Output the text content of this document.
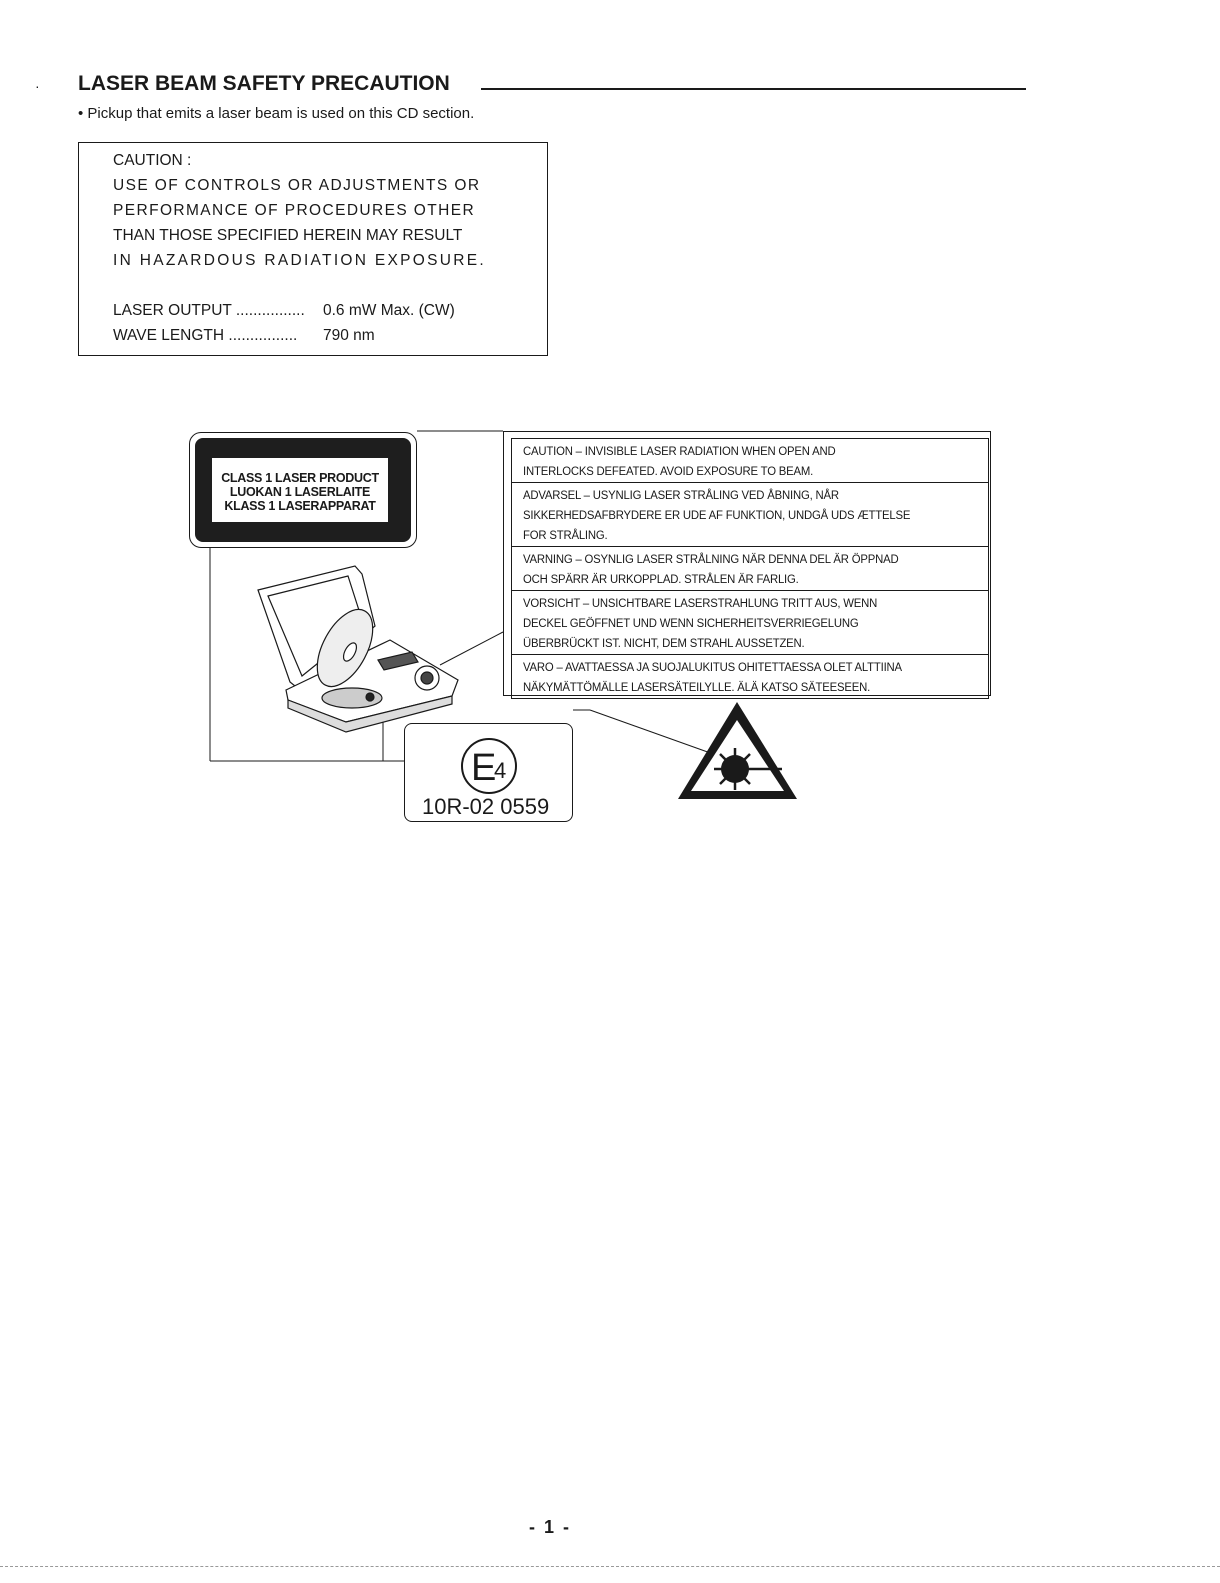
· LASER BEAM SAFETY PRECAUTION
• Pickup that emits a laser beam is used on this CD section.
CAUTION :
USE OF CONTROLS OR ADJUSTMENTS OR
PERFORMANCE OF PROCEDURES OTHER
THAN THOSE SPECIFIED HEREIN MAY RESULT
IN HAZARDOUS RADIATION EXPOSURE.
LASER OUTPUT ................ 0.6 mW Max. (CW)
WAVE LENGTH ................ 790 nm
CLASS 1 LASER PRODUCT
LUOKAN 1 LASERLAITE
KLASS 1 LASERAPPARAT
CAUTION – INVISIBLE LASER RADIATION WHEN OPEN AND
INTERLOCKS DEFEATED. AVOID EXPOSURE TO BEAM.
ADVARSEL – USYNLIG LASER STRÅLING VED ÅBNING, NÅR
SIKKERHEDSAFBRYDERE ER UDE AF FUNKTION, UNDGÅ UDS ÆTTELSE
FOR STRÅLING.
VARNING – OSYNLIG LASER STRÅLNING NÄR DENNA DEL ÄR ÖPPNAD
OCH SPÄRR ÄR URKOPPLAD. STRÅLEN ÄR FARLIG.
VORSICHT – UNSICHTBARE LASERSTRAHLUNG TRITT AUS, WENN
DECKEL GEÖFFNET UND WENN SICHERHEITSVERRIEGELUNG
ÜBERBRÜCKT IST. NICHT, DEM STRAHL AUSSETZEN.
VARO – AVATTAESSA JA SUOJALUKITUS OHITETTAESSA OLET ALTTIINA
NÄKYMÄTTÖMÄLLE LASERSÄTEILYLLE. ÄLÄ KATSO SÄTEESEEN.
E
4
10R-02 0559
- 1 -
